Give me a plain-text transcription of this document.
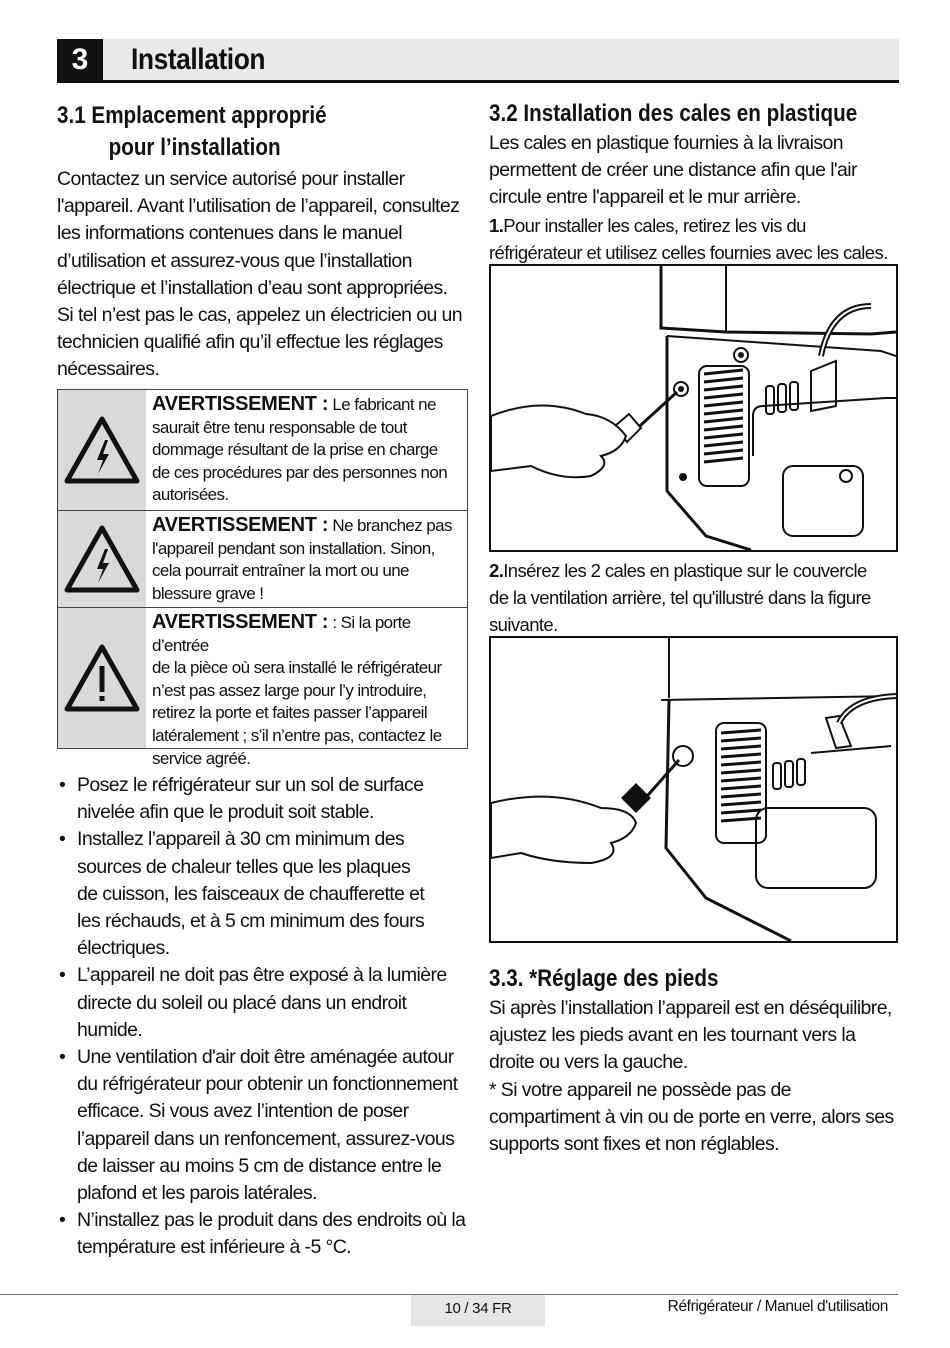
3	Installation
3.1 Emplacement approprié
pour l’installation
Contactez un service autorisé pour installer
l'appareil. Avant l’utilisation de l’appareil, consultez
les informations contenues dans le manuel
d’utilisation et assurez-vous que l’installation
électrique et l’installation d’eau sont appropriées.
Si tel n’est pas le cas, appelez un électricien ou un
technicien qualifié afin qu’il effectue les réglages
nécessaires.
AVERTISSEMENT : Le fabricant ne
saurait être tenu responsable de tout
dommage résultant de la prise en charge
de ces procédures par des personnes non
autorisées.
AVERTISSEMENT : Ne branchez pas
l'appareil pendant son installation. Sinon,
cela pourrait entraîner la mort ou une
blessure grave !
AVERTISSEMENT : : Si la porte d’entrée
de la pièce où sera installé le réfrigérateur
n’est pas assez large pour l’y introduire,
retirez la porte et faites passer l’appareil
latéralement ; s’il n’entre pas, contactez le
service agréé.
• Posez le réfrigérateur sur un sol de surface
nivelée afin que le produit soit stable.
• Installez l’appareil à 30 cm minimum des
sources de chaleur telles que les plaques
de cuisson, les faisceaux de chaufferette et
les réchauds, et à 5 cm minimum des fours
électriques.
• L’appareil ne doit pas être exposé à la lumière
directe du soleil ou placé dans un endroit
humide.
• Une ventilation d'air doit être aménagée autour
du réfrigérateur pour obtenir un fonctionnement
efficace. Si vous avez l’intention de poser
l’appareil dans un renfoncement, assurez-vous
de laisser au moins 5 cm de distance entre le
plafond et les parois latérales.
• N’installez pas le produit dans des endroits où la
température est inférieure à -5 °C.
3.2 Installation des cales en plastique
Les cales en plastique fournies à la livraison
permettent de créer une distance afin que l'air
circule entre l'appareil et le mur arrière.
1.Pour installer les cales, retirez les vis du
réfrigérateur et utilisez celles fournies avec les cales.
2.Insérez les 2 cales en plastique sur le couvercle
de la ventilation arrière, tel qu'illustré dans la figure
suivante.
3.3. *Réglage des pieds
Si après l’installation l’appareil est en déséquilibre,
ajustez les pieds avant en les tournant vers la
droite ou vers la gauche.
* Si votre appareil ne possède pas de
compartiment à vin ou de porte en verre, alors ses
supports sont fixes et non réglables.
10 / 34 FR	Réfrigérateur / Manuel d'utilisation
